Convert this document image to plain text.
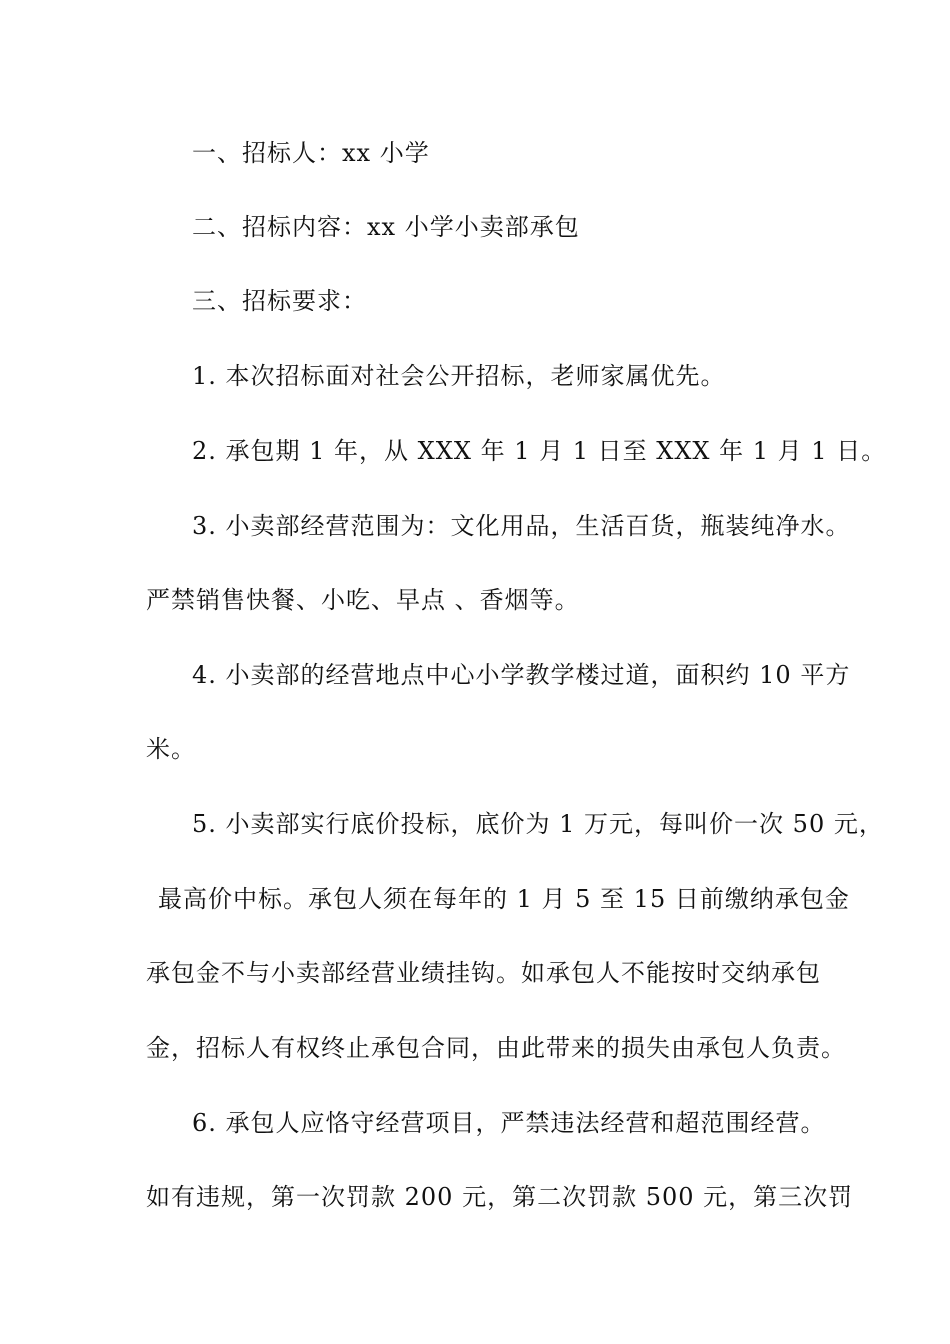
一、招标人：xx 小学
二、招标内容：xx 小学小卖部承包
三、招标要求：
1. 本次招标面对社会公开招标，老师家属优先。
2. 承包期 1 年，从 XXX 年 1 月 1 日至 XXX 年 1 月 1 日。
3. 小卖部经营范围为：文化用品，生活百货，瓶装纯净水。
严禁销售快餐、小吃、早点 、香烟等。
4. 小卖部的经营地点中心小学教学楼过道，面积约 10 平方
米。
5. 小卖部实行底价投标，底价为 1 万元，每叫价一次 50 元，
最高价中标。承包人须在每年的 1 月 5 至 15 日前缴纳承包金
承包金不与小卖部经营业绩挂钩。如承包人不能按时交纳承包
金，招标人有权终止承包合同，由此带来的损失由承包人负责。
6. 承包人应恪守经营项目，严禁违法经营和超范围经营。
如有违规，第一次罚款 200 元，第二次罚款 500 元，第三次罚
